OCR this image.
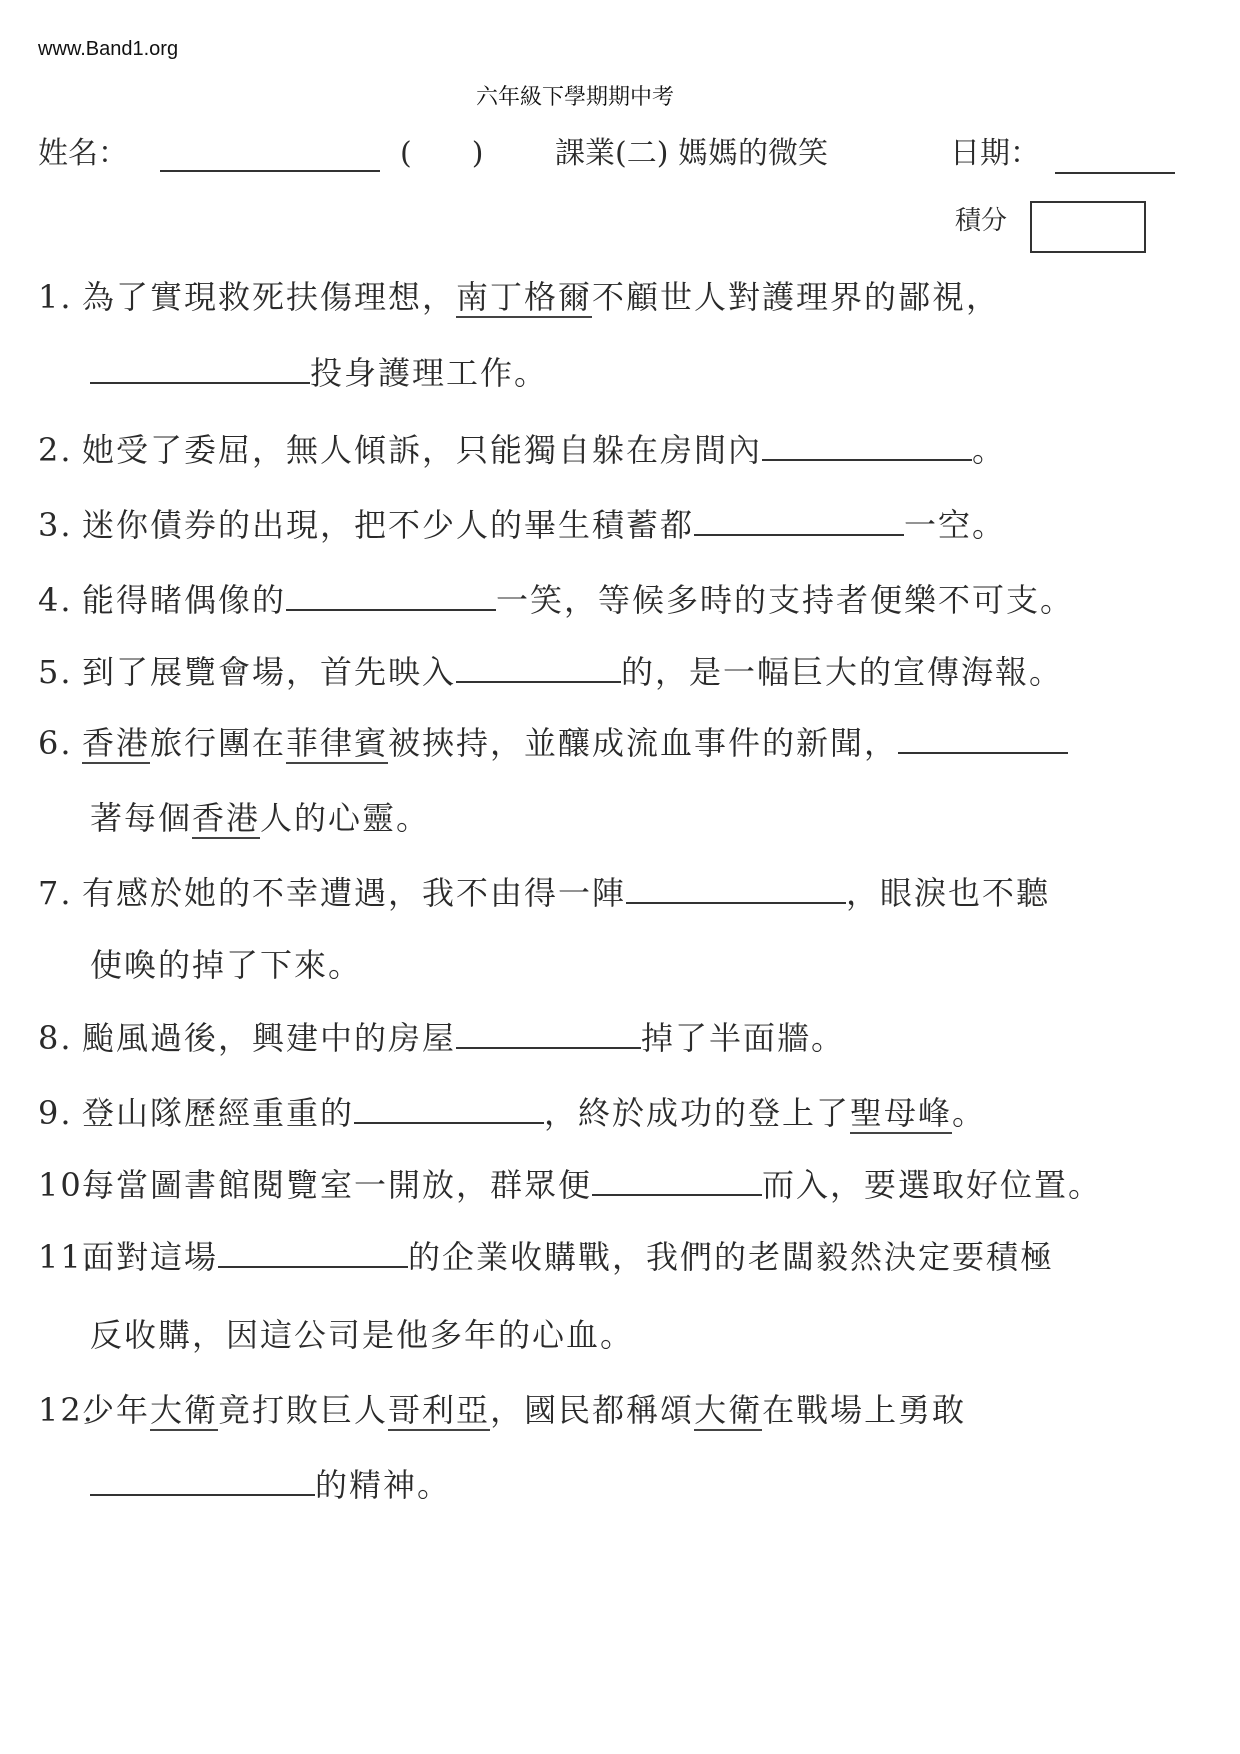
www.Band1.org
六年級下學期期中考
姓名：	(　　) 課業(二) 媽媽的微笑	日期：
積分
1. 為了實現救死扶傷理想，南丁格爾不顧世人對護理界的鄙視，
投身護理工作。
2. 她受了委屈，無人傾訴，只能獨自躲在房間內	。
3. 迷你債券的出現，把不少人的畢生積蓄都	一空。
4. 能得睹偶像的	一笑，等候多時的支持者便樂不可支。
5. 到了展覽會場，首先映入	的，是一幅巨大的宣傳海報。
6. 香港旅行團在菲律賓被挾持，並釀成流血事件的新聞，
著每個香港人的心靈。
7. 有感於她的不幸遭遇，我不由得一陣	，眼淚也不聽
使喚的掉了下來。
8. 颱風過後，興建中的房屋	掉了半面牆。
9. 登山隊歷經重重的	，終於成功的登上了聖母峰。
10.每當圖書館閱覽室一開放，群眾便	而入，要選取好位置。
11.面對這場	的企業收購戰，我們的老闆毅然決定要積極
反收購，因這公司是他多年的心血。
12.少年大衛竟打敗巨人哥利亞，國民都稱頌大衛在戰場上勇敢
的精神。
